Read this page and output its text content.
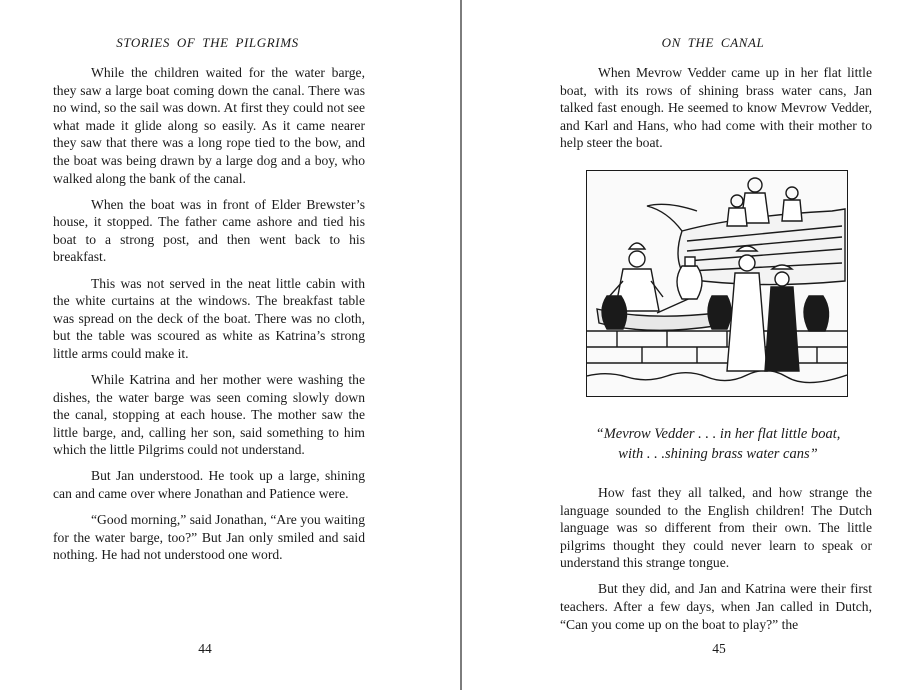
STORIES OF THE PILGRIMS

While the children waited for the water barge, they saw a large boat coming down the canal. There was no wind, so the sail was down. At first they could not see what made it glide along so easily. As it came nearer they saw that there was a long rope tied to the bow, and the boat was being drawn by a large dog and a boy, who walked along the bank of the canal.

When the boat was in front of Elder Brewster’s house, it stopped. The father came ashore and tied his boat to a strong post, and then went back to his breakfast.

This was not served in the neat little cabin with the white curtains at the windows. The breakfast table was spread on the deck of the boat. There was no cloth, but the table was scoured as white as Katrina’s strong little arms could make it.

While Katrina and her mother were washing the dishes, the water barge was seen coming slowly down the canal, stopping at each house. The mother saw the little barge, and, calling her son, said something to him which the little Pilgrims could not understand.

But Jan understood. He took up a large, shining can and came over where Jonathan and Patience were.

“Good morning,” said Jonathan, “Are you waiting for the water barge, too?” But Jan only smiled and said nothing. He had not understood one word.

44
ON THE CANAL

When Mevrow Vedder came up in her flat little boat, with its rows of shining brass water cans, Jan talked fast enough. He seemed to know Mevrow Vedder, and Karl and Hans, who had come with their mother to help steer the boat.

“Mevrow Vedder . . . in her flat little boat,
with . . .shining brass water cans”

How fast they all talked, and how strange the language sounded to the English children! The Dutch language was so different from their own. The little pilgrims thought they could never learn to speak or understand this strange tongue.

But they did, and Jan and Katrina were their first teachers. After a few days, when Jan called in Dutch, “Can you come up on the boat to play?” the

45
